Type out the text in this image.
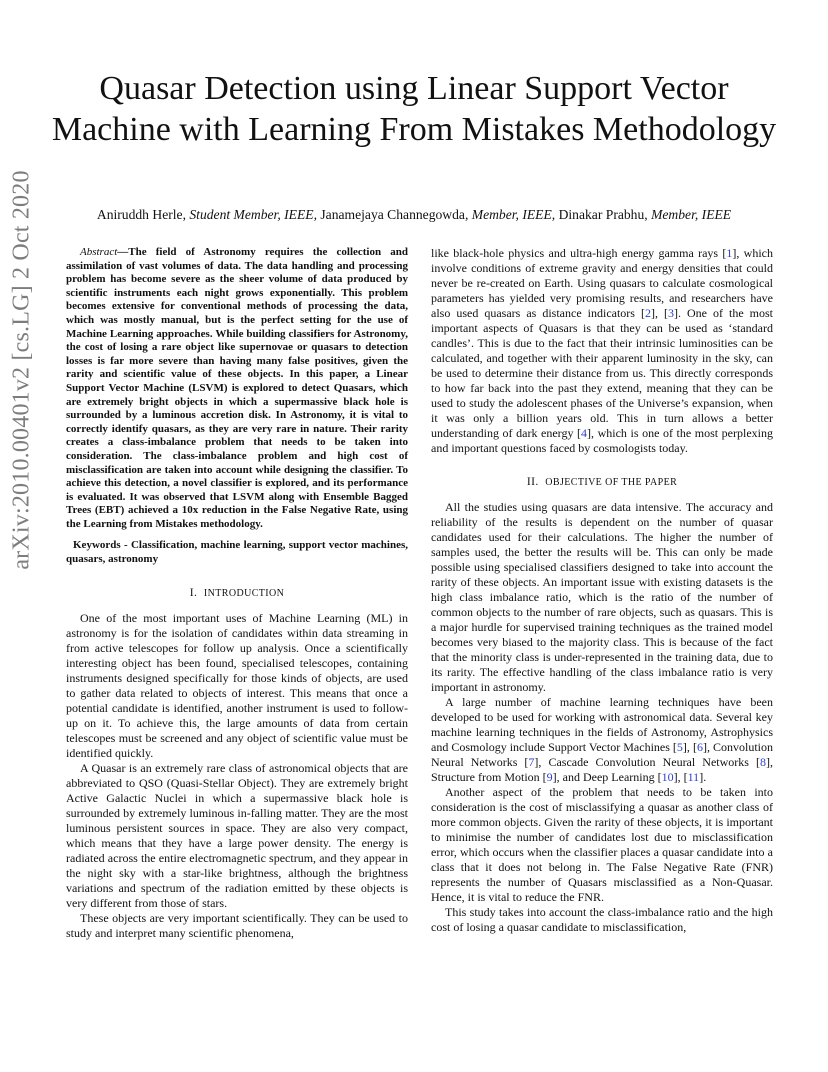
Quasar Detection using Linear Support Vector
Machine with Learning From Mistakes Methodology
Aniruddh Herle, Student Member, IEEE, Janamejaya Channegowda, Member, IEEE, Dinakar Prabhu, Member, IEEE
arXiv:2010.00401v2 [cs.LG] 2 Oct 2020	Abstract—The field of Astronomy requires the collection and assimilation of vast volumes of data. The data handling and processing problem has become severe as the sheer volume of data produced by scientific instruments each night grows exponentially. This problem becomes extensive for conventional methods of processing the data, which was mostly manual, but is the perfect setting for the use of Machine Learning approaches. While building classifiers for Astronomy, the cost of losing a rare object like supernovae or quasars to detection losses is far more severe than having many false positives, given the rarity and scientific value of these objects. In this paper, a Linear Support Vector Machine (LSVM) is explored to detect Quasars, which are extremely bright objects in which a supermassive black hole is surrounded by a luminous accretion disk. In Astronomy, it is vital to correctly identify quasars, as they are very rare in nature. Their rarity creates a class-imbalance problem that needs to be taken into consideration. The class-imbalance problem and high cost of misclassification are taken into account while designing the classifier. To achieve this detection, a novel classifier is explored, and its performance is evaluated. It was observed that LSVM along with Ensemble Bagged Trees (EBT) achieved a 10x reduction in the False Negative Rate, using the Learning from Mistakes methodology.

Keywords - Classification, machine learning, support vector machines, quasars, astronomy

I. INTRODUCTION

One of the most important uses of Machine Learning (ML) in astronomy is for the isolation of candidates within data streaming in from active telescopes for follow up analysis. Once a scientifically interesting object has been found, specialised telescopes, containing instruments designed specifically for those kinds of objects, are used to gather data related to objects of interest. This means that once a potential candidate is identified, another instrument is used to follow-up on it. To achieve this, the large amounts of data from certain telescopes must be screened and any object of scientific value must be identified quickly.

A Quasar is an extremely rare class of astronomical objects that are abbreviated to QSO (Quasi-Stellar Object). They are extremely bright Active Galactic Nuclei in which a supermassive black hole is surrounded by extremely luminous in-falling matter. They are the most luminous persistent sources in space. They are also very compact, which means that they have a large power density. The energy is radiated across the entire electromagnetic spectrum, and they appear in the night sky with a star-like brightness, although the brightness variations and spectrum of the radiation emitted by these objects is very different from those of stars.

These objects are very important scientifically. They can be used to study and interpret many scientific phenomena,

like black-hole physics and ultra-high energy gamma rays [ 1 ] , which involve conditions of extreme gravity and energy densities that could never be re-created on Earth. Using quasars to calculate cosmological parameters has yielded very promising results, and researchers have also used quasars as distance indicators [ 2 ] , [ 3 ] . One of the most important aspects of Quasars is that they can be used as ‘standard candles’. This is due to the fact that their intrinsic luminosities can be calculated, and together with their apparent luminosity in the sky, can be used to determine their distance from us. This directly corresponds to how far back into the past they extend, meaning that they can be used to study the adolescent phases of the Universe’s expansion, when it was only a billion years old. This in turn allows a better understanding of dark energy [ 4 ] , which is one of the most perplexing and important questions faced by cosmologists today.

II. OBJECTIVE OF THE PAPER

All the studies using quasars are data intensive. The accuracy and reliability of the results is dependent on the number of quasar candidates used for their calculations. The higher the number of samples used, the better the results will be. This can only be made possible using specialised classifiers designed to take into account the rarity of these objects. An important issue with existing datasets is the high class imbalance ratio, which is the ratio of the number of common objects to the number of rare objects, such as quasars. This is a major hurdle for supervised training techniques as the trained model becomes very biased to the majority class. This is because of the fact that the minority class is under-represented in the training data, due to its rarity. The effective handling of the class imbalance ratio is very important in astronomy.

A large number of machine learning techniques have been developed to be used for working with astronomical data. Several key machine learning techniques in the fields of Astronomy, Astrophysics and Cosmology include Support Vector Machines [ 5 ] , [ 6 ] , Convolution Neural Networks [ 7 ] , Cascade Convolution Neural Networks [ 8 ] , Structure from Motion [ 9 ] , and Deep Learning [ 10 ] , [ 11 ] .

Another aspect of the problem that needs to be taken into consideration is the cost of misclassifying a quasar as another class of more common objects. Given the rarity of these objects, it is important to minimise the number of candidates lost due to misclassification error, which occurs when the classifier places a quasar candidate into a class that it does not belong in. The False Negative Rate (FNR) represents the number of Quasars misclassified as a Non-Quasar. Hence, it is vital to reduce the FNR.

This study takes into account the class-imbalance ratio and the high cost of losing a quasar candidate to misclassification,
